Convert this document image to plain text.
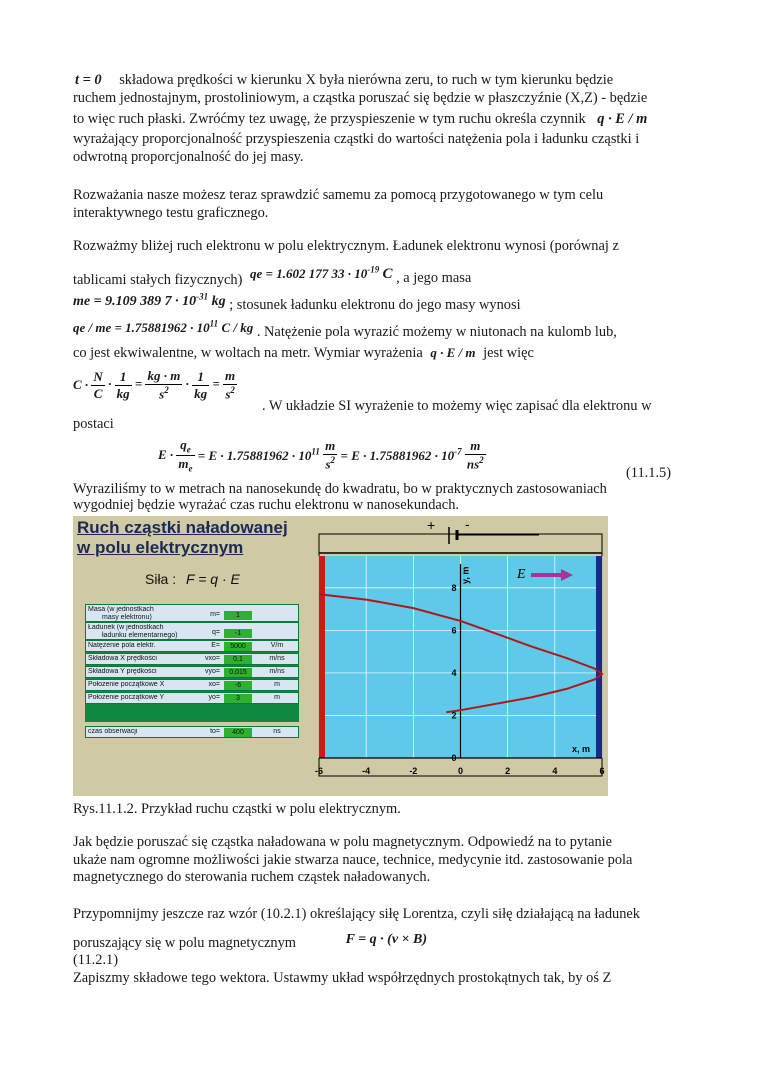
t = 0 składowa prędkości w kierunku X była nierówna zeru, to ruch w tym kierunku będzie
ruchem jednostajnym, prostoliniowym, a cząstka poruszać się będzie w płaszczyźnie (X,Z) - będzie
to więc ruch płaski. Zwróćmy tez uwagę, że przyspieszenie w tym ruchu określa czynnik q · E / m
wyrażający proporcjonalność przyspieszenia cząstki do wartości natężenia pola i ładunku cząstki i
odwrotną proporcjonalność do jej masy.
Rozważania nasze możesz teraz sprawdzić samemu za pomocą przygotowanego w tym celu
interaktywnego testu graficznego.
Rozważmy bliżej ruch elektronu w polu elektrycznym. Ładunek elektronu wynosi (porównaj z
tablicami stałych fizycznych) qe = 1.602 177 $33 \cdot 10^{-19}$ C , a jego masa
me = 9.109 389 $7 \cdot 10^{-31}$ kg ; stosunek ładunku elektronu do jego masy wynosi
qe / me = $1.75881962 \cdot 10^{11}$ C / kg . Natężenie pola wyrazić możemy w niutonach na kulomb lub,
co jest ekwiwalentne, w woltach na metr. Wymiar wyrażenia q · E / m jest więc
$C \cdot \frac{N}{C} \cdot \frac{1}{kg} = \frac{kg \cdot m}{s^2} \cdot \frac{1}{kg} = \frac{m}{s^2}$
. W układzie SI wyrażenie to możemy więc zapisać dla elektronu w
postaci
$E \cdot \frac{q_e}{m_e} = E \cdot 1.75881962 \cdot 10^{11} \frac{m}{s^2} = E \cdot 1.75881962 \cdot 10^{-7} \frac{m}{ns^2}$
(11.1.5)
Wyraziliśmy to w metrach na nanosekundę do kwadratu, bo w praktycznych zastosowaniach
wygodniej będzie wyrażać czas ruchu elektronu w nanosekundach.
Ruch cząstki naładowanej
w polu elektrycznym
Siła : F = q · E
Masa (w jednostkach
masy elektronu)	m=	1
Ładunek (w jednostkach
ładunku elementarnego)	q=	-1
Natężenie pola elektr.	E=	5000	V/m
Składowa X prędkości	vxo=	0,1	m/ns
Składowa Y prędkości	vyo=	0,015	m/ns
Położenie początkowe X	xo=	-6	m
Położenie początkowe Y	yo=	3	m
czas obserwacji	to=	400	ns
+ -
-6	-4	-2	0	2	4	6
0
2
4
6
8
y, m
x, m
E
Rys.11.1.2. Przykład ruchu cząstki w polu elektrycznym.
Jak będzie poruszać się cząstka naładowana w polu magnetycznym. Odpowiedź na to pytanie
ukaże nam ogromne możliwości jakie stwarza nauce, technice, medycynie itd. zastosowanie pola
magnetycznego do sterowania ruchem cząstek naładowanych.
Przypomnijmy jeszcze raz wzór (10.2.1) określający siłę Lorentza, czyli siłę działającą na ładunek
poruszający się w polu magnetycznym	F = q · (v × B)
(11.2.1)
Zapiszmy składowe tego wektora. Ustawmy układ współrzędnych prostokątnych tak, by oś Z
